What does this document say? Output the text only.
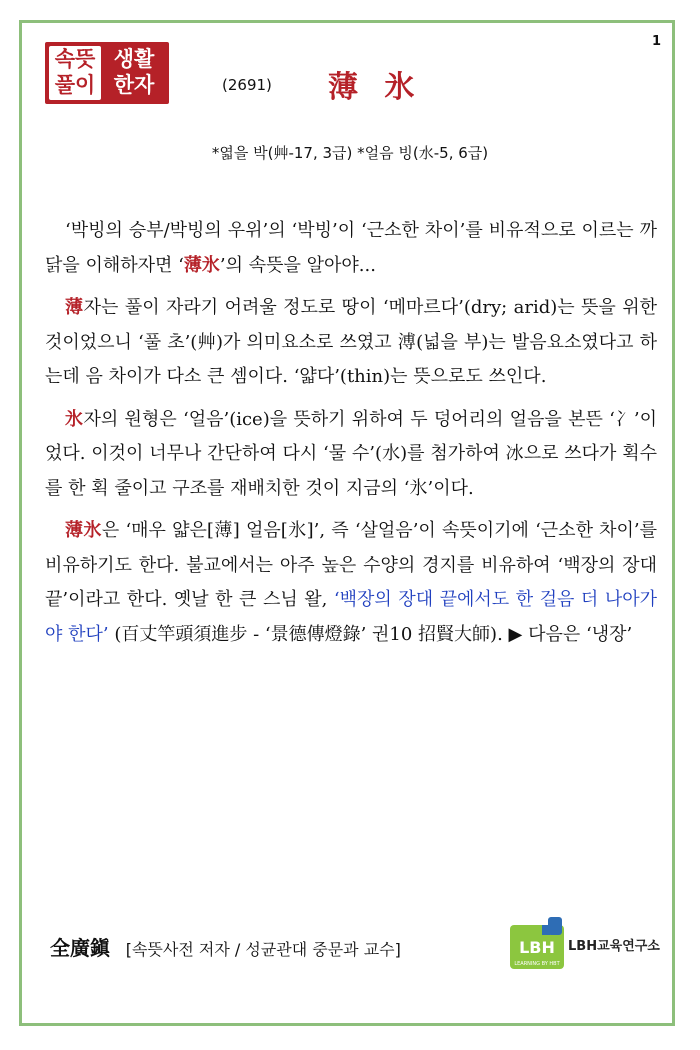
1
속뜻
풀이
생활
한자	(2691) 薄 氷
*엷을 박(艸-17, 3급) *얼음 빙(水-5, 6급)

‘박빙의 승부/박빙의 우위’의 ‘박빙’이 ‘근소한 차이’를 비유적으로 이르는 까닭을 이해하자면 ‘薄氷’의 속뜻을 알아야...

薄자는 풀이 자라기 어려울 정도로 땅이 ‘메마르다’(dry; arid)는 뜻을 위한 것이었으니 ‘풀 초’(艸)가 의미요소로 쓰였고 溥(넓을 부)는 발음요소였다고 하는데 음 차이가 다소 큰 셈이다. ‘얇다’(thin)는 뜻으로도 쓰인다.

氷자의 원형은 ‘얼음’(ice)을 뜻하기 위하여 두 덩어리의 얼음을 본뜬 ‘冫’이었다. 이것이 너무나 간단하여 다시 ‘물 수’(水)를 첨가하여 冰으로 쓰다가 획수를 한 획 줄이고 구조를 재배치한 것이 지금의 ‘氷’이다.

薄氷은 ‘매우 얇은[薄] 얼음[氷]’, 즉 ‘살얼음’이 속뜻이기에 ‘근소한 차이’를 비유하기도 한다. 불교에서는 아주 높은 수양의 경지를 비유하여 ‘백장의 장대 끝’이라고 한다. 옛날 한 큰 스님 왈, ‘백장의 장대 끝에서도 한 걸음 더 나아가야 한다’ (百丈竿頭須進步 - ‘景德傳燈錄’ 권10 招賢大師). ▶ 다음은 ‘냉장’

全廣鎭 [속뜻사전 저자 / 성균관대 중문과 교수]	LBH
LEARNING BY HBT
LBH교육연구소
